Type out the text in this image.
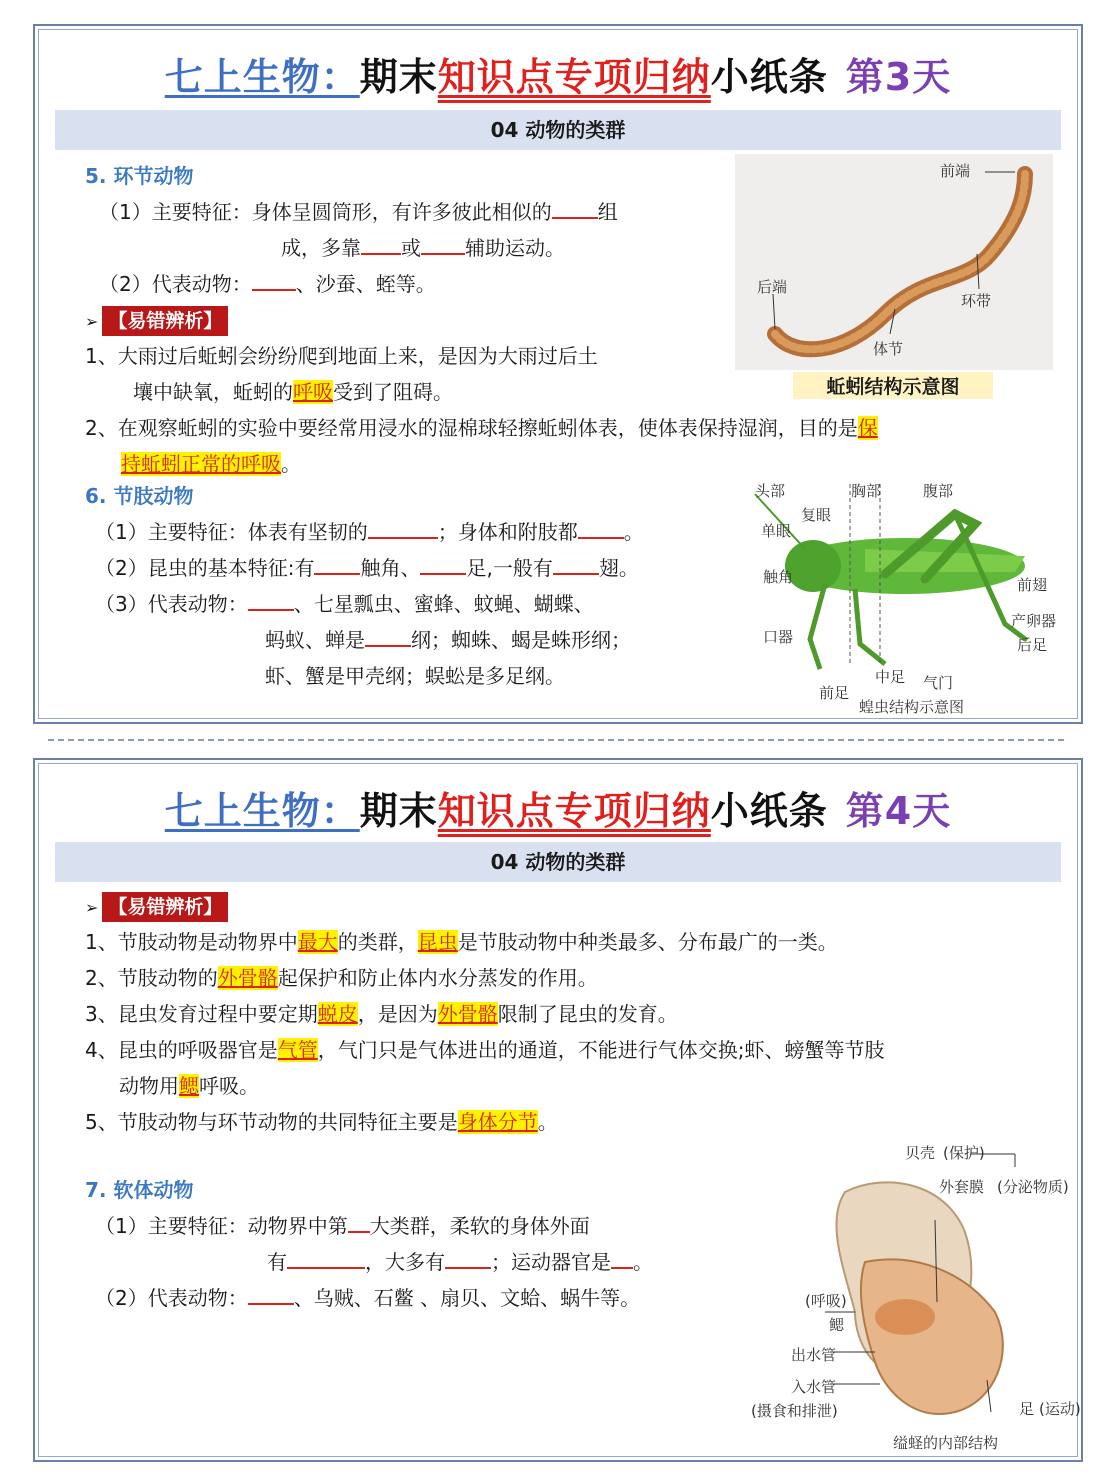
七上生物：期末知识点专项归纳小纸条 第3天
04 动物的类群
5. 环节动物
（1）主要特征：身体呈圆筒形，有许多彼此相似的 组
成，多靠 或 辅助运动。
（2）代表动物： 、沙蚕、蛭等。
➢ 【易错辨析】
1、大雨过后蚯蚓会纷纷爬到地面上来，是因为大雨过后土
壤中缺氧，蚯蚓的呼吸受到了阻碍。
2、在观察蚯蚓的实验中要经常用浸水的湿棉球轻擦蚯蚓体表，使体表保持湿润，目的是保
持蚯蚓正常的呼吸。
6. 节肢动物
（1）主要特征：体表有坚韧的	；身体和附肢都 。
（2）昆虫的基本特征:有 触角、 足,一般有 翅。
（3）代表动物： 、七星瓢虫、蜜蜂、蚊蝇、蝴蝶、
蚂蚁、蝉是 纲；蜘蛛、蝎是蛛形纲；
虾、蟹是甲壳纲；蜈蚣是多足纲。
前端
后端
环带
体节
蚯蚓结构示意图
头部	胸部	腹部
单眼
复眼
触角
口器
前足
中足 气门
前翅
产卵器
后足
蝗虫结构示意图
七上生物：期末知识点专项归纳小纸条 第4天
04 动物的类群
➢ 【易错辨析】
1、节肢动物是动物界中最大的类群，昆虫是节肢动物中种类最多、分布最广的一类。
2、节肢动物的外骨骼起保护和防止体内水分蒸发的作用。
3、昆虫发育过程中要定期蜕皮，是因为外骨骼限制了昆虫的发育。
4、昆虫的呼吸器官是气管，气门只是气体进出的通道，不能进行气体交换;虾、螃蟹等节肢
动物用鳃呼吸。
5、节肢动物与环节动物的共同特征主要是身体分节。
7. 软体动物
（1）主要特征：动物界中第 大类群，柔软的身体外面
有	，大多有 ；运动器官是 。
（2）代表动物： 、乌贼、石鳖 、扇贝、文蛤、蜗牛等。
贝壳 (保护)
外套膜 (分泌物质)
(呼吸)
鳃
出水管
入水管
(摄食和排泄)	足 (运动)
缢蛏的内部结构
